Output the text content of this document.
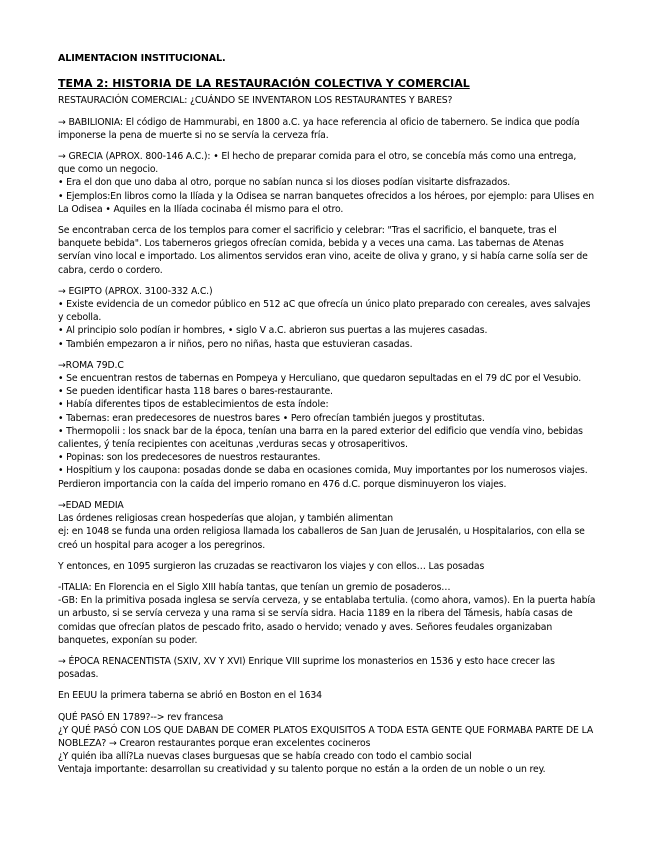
ALIMENTACION INSTITUCIONAL.
TEMA 2: HISTORIA DE LA RESTAURACIÓN COLECTIVA Y COMERCIAL

RESTAURACIÓN COMERCIAL: ¿CUÁNDO SE INVENTARON LOS RESTAURANTES Y BARES?

→ BABILIONIA: El código de Hammurabi, en 1800 a.C. ya hace referencia al oficio de tabernero. Se indica que podía imponerse la pena de muerte si no se servía la cerveza fría.

→ GRECIA (APROX. 800-146 A.C.): • El hecho de preparar comida para el otro, se concebía más como una entrega, que como un negocio.
• Era el don que uno daba al otro, porque no sabían nunca si los dioses podían visitarte disfrazados.
• Ejemplos:En libros como la Ilíada y la Odisea se narran banquetes ofrecidos a los héroes, por ejemplo: para Ulises en La Odisea • Aquiles en la Ilíada cocinaba él mismo para el otro.

Se encontraban cerca de los templos para comer el sacrificio y celebrar: "Tras el sacrificio, el banquete, tras el banquete bebida". Los taberneros griegos ofrecían comida, bebida y a veces una cama. Las tabernas de Atenas servían vino local e importado. Los alimentos servidos eran vino, aceite de oliva y grano, y si había carne solía ser de cabra, cerdo o cordero.

→ EGIPTO (APROX. 3100-332 A.C.)
• Existe evidencia de un comedor público en 512 aC que ofrecía un único plato preparado con cereales, aves salvajes y cebolla.
• Al principio solo podían ir hombres, • siglo V a.C. abrieron sus puertas a las mujeres casadas.
• También empezaron a ir niños, pero no niñas, hasta que estuvieran casadas.

→ROMA 79D.C
• Se encuentran restos de tabernas en Pompeya y Herculiano, que quedaron sepultadas en el 79 dC por el Vesubio.
• Se pueden identificar hasta 118 bares o bares-restaurante.
• Había diferentes tipos de establecimientos de esta índole:
• Tabernas: eran predecesores de nuestros bares • Pero ofrecían también juegos y prostitutas.
• Thermopolii : los snack bar de la época, tenían una barra en la pared exterior del edificio que vendía vino, bebidas calientes, ý tenía recipientes con aceitunas ,verduras secas y otrosaperitivos.
• Popinas: son los predecesores de nuestros restaurantes.
• Hospitium y los caupona: posadas donde se daba en ocasiones comida, Muy importantes por los numerosos viajes. Perdieron importancia con la caída del imperio romano en 476 d.C. porque disminuyeron los viajes.

→EDAD MEDIA
Las órdenes religiosas crean hospederías que alojan, y también alimentan
ej: en 1048 se funda una orden religiosa llamada los caballeros de San Juan de Jerusalén, u Hospitalarios, con ella se creó un hospital para acoger a los peregrinos.

Y entonces, en 1095 surgieron las cruzadas se reactivaron los viajes y con ellos… Las posadas

-ITALIA: En Florencia en el Siglo XIII había tantas, que tenían un gremio de posaderos…
-GB: En la primitiva posada inglesa se servía cerveza, y se entablaba tertulia. (como ahora, vamos). En la puerta había un arbusto, si se servía cerveza y una rama si se servía sidra. Hacia 1189 en la ribera del Támesis, había casas de comidas que ofrecían platos de pescado frito, asado o hervido; venado y aves. Señores feudales organizaban banquetes, exponían su poder.

→ ÉPOCA RENACENTISTA (SXIV, XV Y XVI) Enrique VIII suprime los monasterios en 1536 y esto hace crecer las posadas.

En EEUU la primera taberna se abrió en Boston en el 1634

QUÉ PASÓ EN 1789?--> rev francesa
¿Y QUÉ PASÓ CON LOS QUE DABAN DE COMER PLATOS EXQUISITOS A TODA ESTA GENTE QUE FORMABA PARTE DE LA NOBLEZA? → Crearon restaurantes porque eran excelentes cocineros
¿Y quién iba allí?La nuevas clases burguesas que se había creado con todo el cambio social
Ventaja importante: desarrollan su creatividad y su talento porque no están a la orden de un noble o un rey.
